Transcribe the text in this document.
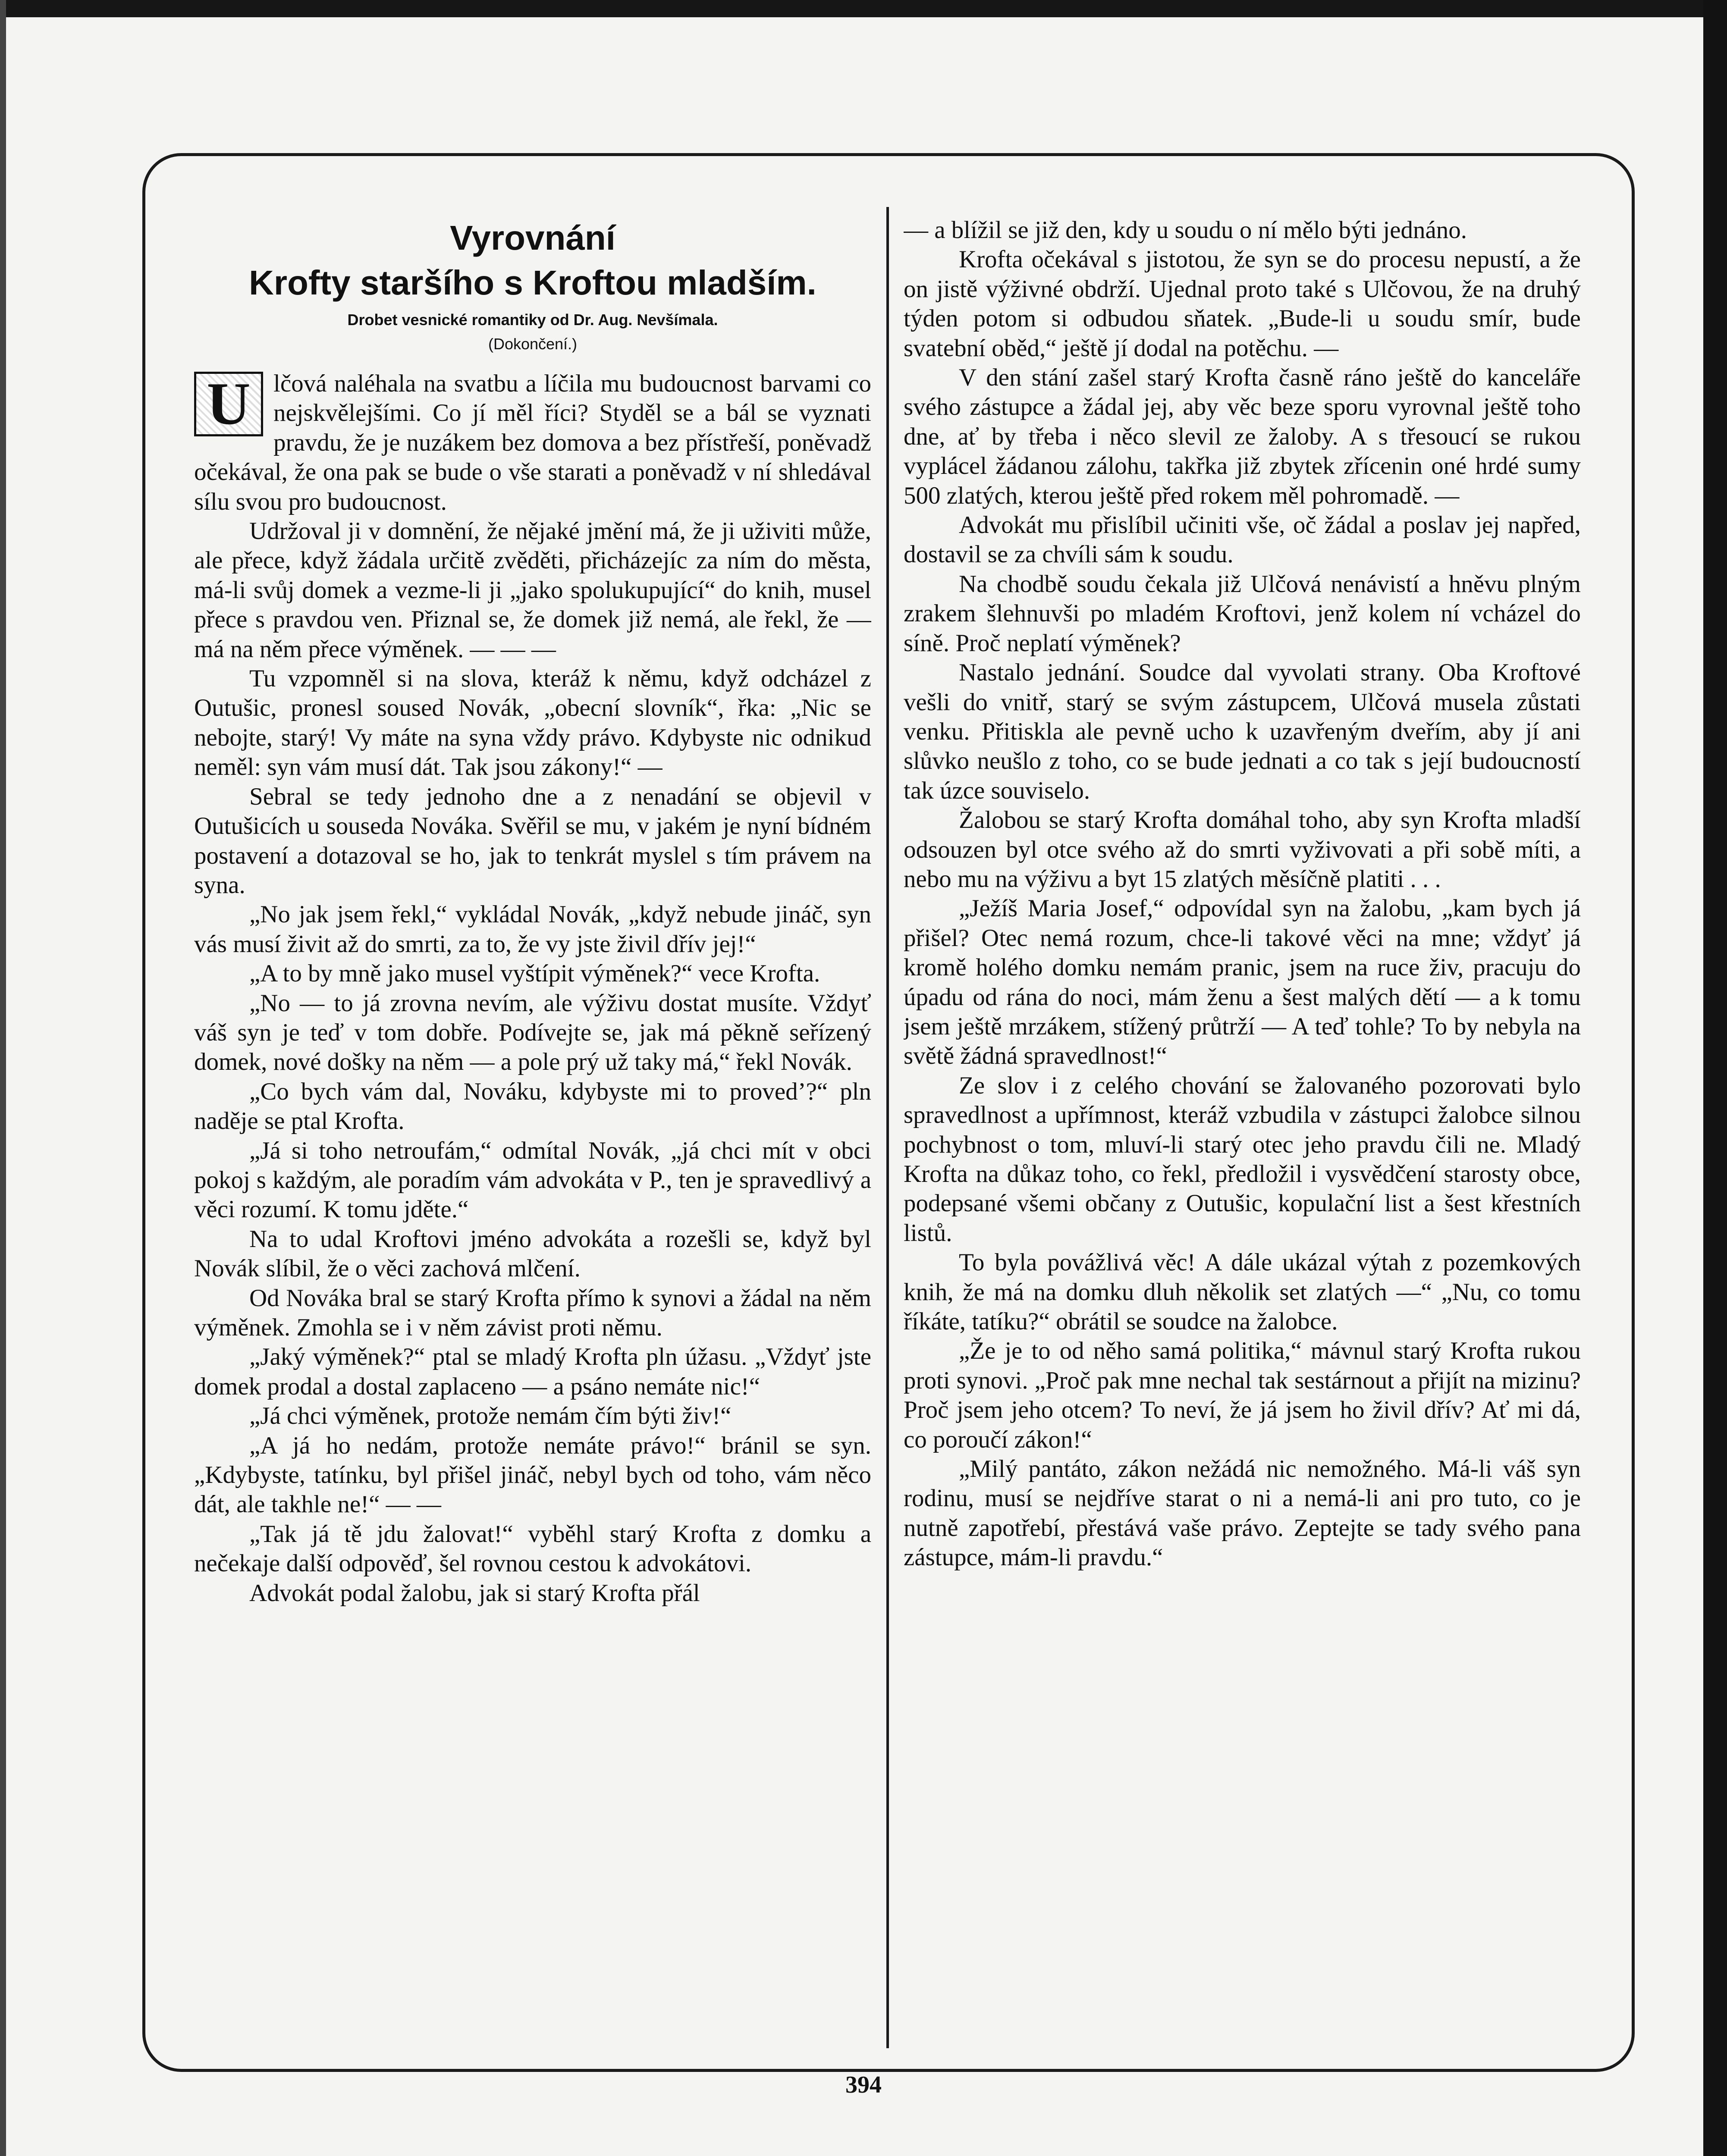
Vyrovnání
Krofty staršího s Kroftou mladším.
Drobet vesnické romantiky od Dr. Aug. Nevšímala.
(Dokončení.)

U lčová naléhala na svatbu a líčila mu budoucnost barvami co nejskvělejšími. Co jí měl říci? Styděl se a bál se vyznati pravdu, že je nuzákem bez domova a bez přístřeší, poněvadž očekával, že ona pak se bude o vše starati a poněvadž v ní shledával sílu svou pro budoucnost.

Udržoval ji v domnění, že nějaké jmění má, že ji uživiti může, ale přece, když žádala určitě zvěděti, přicházejíc za ním do města, má-li svůj domek a vezme-li ji „jako spolukupující“ do knih, musel přece s pravdou ven. Přiznal se, že domek již nemá, ale řekl, že — má na něm přece výměnek. — — —

Tu vzpomněl si na slova, kteráž k němu, když odcházel z Outušic, pronesl soused Novák, „obecní slovník“, řka: „Nic se nebojte, starý! Vy máte na syna vždy právo. Kdybyste nic odnikud neměl: syn vám musí dát. Tak jsou zákony!“ —

Sebral se tedy jednoho dne a z nenadání se objevil v Outušicích u souseda Nováka. Svěřil se mu, v jakém je nyní bídném postavení a dotazoval se ho, jak to tenkrát myslel s tím právem na syna.

„No jak jsem řekl,“ vykládal Novák, „když nebude jináč, syn vás musí živit až do smrti, za to, že vy jste živil dřív jej!“

„A to by mně jako musel vyštípit výměnek?“ vece Krofta.

„No — to já zrovna nevím, ale výživu dostat musíte. Vždyť váš syn je teď v tom dobře. Podívejte se, jak má pěkně seřízený domek, nové došky na něm — a pole prý už taky má,“ řekl Novák.

„Co bych vám dal, Nováku, kdybyste mi to proved’?“ pln naděje se ptal Krofta.

„Já si toho netroufám,“ odmítal Novák, „já chci mít v obci pokoj s každým, ale poradím vám advokáta v P., ten je spravedlivý a věci rozumí. K tomu jděte.“

Na to udal Kroftovi jméno advokáta a rozešli se, když byl Novák slíbil, že o věci zachová mlčení.

Od Nováka bral se starý Krofta přímo k synovi a žádal na něm výměnek. Zmohla se i v něm závist proti němu.

„Jaký výměnek?“ ptal se mladý Krofta pln úžasu. „Vždyť jste domek prodal a dostal zaplaceno — a psáno nemáte nic!“

„Já chci výměnek, protože nemám čím býti živ!“

„A já ho nedám, protože nemáte právo!“ bránil se syn. „Kdybyste, tatínku, byl přišel jináč, nebyl bych od toho, vám něco dát, ale takhle ne!“ — —

„Tak já tě jdu žalovat!“ vyběhl starý Krofta z domku a nečekaje další odpověď, šel rovnou cestou k advokátovi.

Advokát podal žalobu, jak si starý Krofta přál

— a blížil se již den, kdy u soudu o ní mělo býti jednáno.

Krofta očekával s jistotou, že syn se do procesu nepustí, a že on jistě výživné obdrží. Ujednal proto také s Ulčovou, že na druhý týden potom si odbudou sňatek. „Bude-li u soudu smír, bude svatební oběd,“ ještě jí dodal na potěchu. —

V den stání zašel starý Krofta časně ráno ještě do kanceláře svého zástupce a žádal jej, aby věc beze sporu vyrovnal ještě toho dne, ať by třeba i něco slevil ze žaloby. A s třesoucí se rukou vyplácel žádanou zálohu, takřka již zbytek zřícenin oné hrdé sumy 500 zlatých, kterou ještě před rokem měl pohromadě. —

Advokát mu přislíbil učiniti vše, oč žádal a poslav jej napřed, dostavil se za chvíli sám k soudu.

Na chodbě soudu čekala již Ulčová nenávistí a hněvu plným zrakem šlehnuvši po mladém Kroftovi, jenž kolem ní vcházel do síně. Proč neplatí výměnek?

Nastalo jednání. Soudce dal vyvolati strany. Oba Kroftové vešli do vnitř, starý se svým zástupcem, Ulčová musela zůstati venku. Přitiskla ale pevně ucho k uzavřeným dveřím, aby jí ani slůvko neušlo z toho, co se bude jednati a co tak s její budoucností tak úzce souviselo.

Žalobou se starý Krofta domáhal toho, aby syn Krofta mladší odsouzen byl otce svého až do smrti vyživovati a při sobě míti, a nebo mu na výživu a byt 15 zlatých měsíčně platiti . . .

„Ježíš Maria Josef,“ odpovídal syn na žalobu, „kam bych já přišel? Otec nemá rozum, chce-li takové věci na mne; vždyť já kromě holého domku nemám pranic, jsem na ruce živ, pracuju do úpadu od rána do noci, mám ženu a šest malých dětí — a k tomu jsem ještě mrzákem, stížený průtrží — A teď tohle? To by nebyla na světě žádná spravedlnost!“

Ze slov i z celého chování se žalovaného pozorovati bylo spravedlnost a upřímnost, kteráž vzbudila v zástupci žalobce silnou pochybnost o tom, mluví-li starý otec jeho pravdu čili ne. Mladý Krofta na důkaz toho, co řekl, předložil i vysvědčení starosty obce, podepsané všemi občany z Outušic, kopulační list a šest křestních listů.

To byla povážlivá věc! A dále ukázal výtah z pozemkových knih, že má na domku dluh několik set zlatých —“ „Nu, co tomu říkáte, tatíku?“ obrátil se soudce na žalobce.

„Že je to od něho samá politika,“ mávnul starý Krofta rukou proti synovi. „Proč pak mne nechal tak sestárnout a přijít na mizinu? Proč jsem jeho otcem? To neví, že já jsem ho živil dřív? Ať mi dá, co poroučí zákon!“

„Milý pantáto, zákon nežádá nic nemožného. Má-li váš syn rodinu, musí se nejdříve starat o ni a nemá-li ani pro tuto, co je nutně zapotřebí, přestává vaše právo. Zeptejte se tady svého pana zástupce, mám-li pravdu.“

394
